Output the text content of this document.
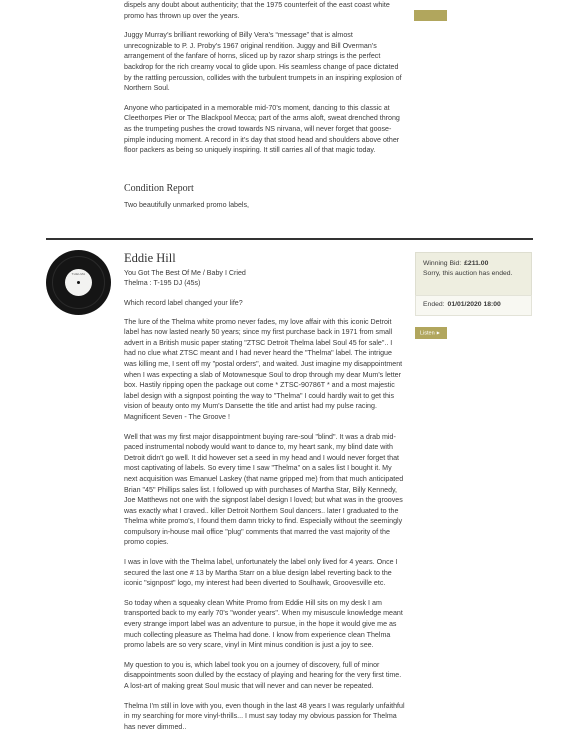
dispels any doubt about authenticity; that the 1975 counterfeit of the east coast white promo has thrown up over the years.

Juggy Murray’s brilliant reworking of Billy Vera’s “message” that is almost unrecognizable to P. J. Proby’s 1967 original rendition. Juggy and Bill Overman’s arrangement of the fanfare of horns, sliced up by razor sharp strings is the perfect backdrop for the rich creamy vocal to glide upon. His seamless change of pace dictated by the rattling percussion, collides with the turbulent trumpets in an inspiring explosion of Northern Soul.

Anyone who participated in a memorable mid-70’s moment, dancing to this classic at Cleethorpes Pier or The Blackpool Mecca; part of the arms aloft, sweat drenched throng as the trumpeting pushes the crowd towards NS nirvana, will never forget that goose-pimple inducing moment. A record in it’s day that stood head and shoulders above other floor packers as being so uniquely inspiring. It still carries all of that magic today.

Condition Report

Two beautifully unmarked promo labels,

THELMA
Eddie Hill

You Got The Best Of Me / Baby I Cried

Thelma : T-195 DJ (45s)

Which record label changed your life?

The lure of the Thelma white promo never fades, my love affair with this iconic Detroit label has now lasted nearly 50 years; since my first purchase back in 1971 from small advert in a British music paper stating "ZTSC Detroit Thelma label Soul 45 for sale".. I had no clue what ZTSC meant and I had never heard the "Thelma" label. The intrigue was killing me, I sent off my "postal orders", and waited. Just imagine my disappointment when I was expecting a slab of Motownesque Soul to drop through my dear Mum's letter box. Hastily ripping open the package out come * ZTSC-90786T * and a most majestic label design with a signpost pointing the way to "Thelma" I could hardly wait to get this vision of beauty onto my Mum's Dansette the title and artist had my pulse racing. Magnificent Seven - The Groove !

Well that was my first major disappointment buying rare-soul "blind". It was a drab mid-paced instrumental nobody would want to dance to, my heart sank, my blind date with Detroit didn't go well. It did however set a seed in my head and I would never forget that most captivating of labels. So every time I saw "Thelma" on a sales list I bought it. My next acquisition was Emanuel Laskey (that name gripped me) from that much anticipated Brian "45" Phillips sales list. I followed up with purchases of Martha Star, Billy Kennedy, Joe Matthews not one with the signpost label design I loved; but what was in the grooves was exactly what I craved.. killer Detroit Northern Soul dancers.. later I graduated to the Thelma white promo's, I found them damn tricky to find. Especially without the seemingly compulsory in-house mail office "plug" comments that marred the vast majority of the promo copies.

I was in love with the Thelma label, unfortunately the label only lived for 4 years. Once I secured the last one # 13 by Martha Starr on a blue design label reverting back to the iconic "signpost" logo, my interest had been diverted to Soulhawk, Groovesville etc.

So today when a squeaky clean White Promo from Eddie Hill sits on my desk I am transported back to my early 70's "wonder years". When my misuscule knowledge meant every strange import label was an adventure to pursue, in the hope it would give me as much collecting pleasure as Thelma had done. I know from experience clean Thelma promo labels are so very scare, vinyl in Mint minus condition is just a joy to see.

My question to you is, which label took you on a journey of discovery, full of minor disappointments soon dulled by the ecstacy of playing and hearing for the very first time. A lost-art of making great Soul music that will never and can never be repeated.

Thelma I'm still in love with you, even though in the last 48 years I was regularly unfaithful in my searching for more vinyl-thrills... I must say today my obvious passion for Thelma has never dimmed..

Winning Bid: £211.00
Sorry, this auction has ended.
Ended: 01/01/2020 18:00
Listen ▶
